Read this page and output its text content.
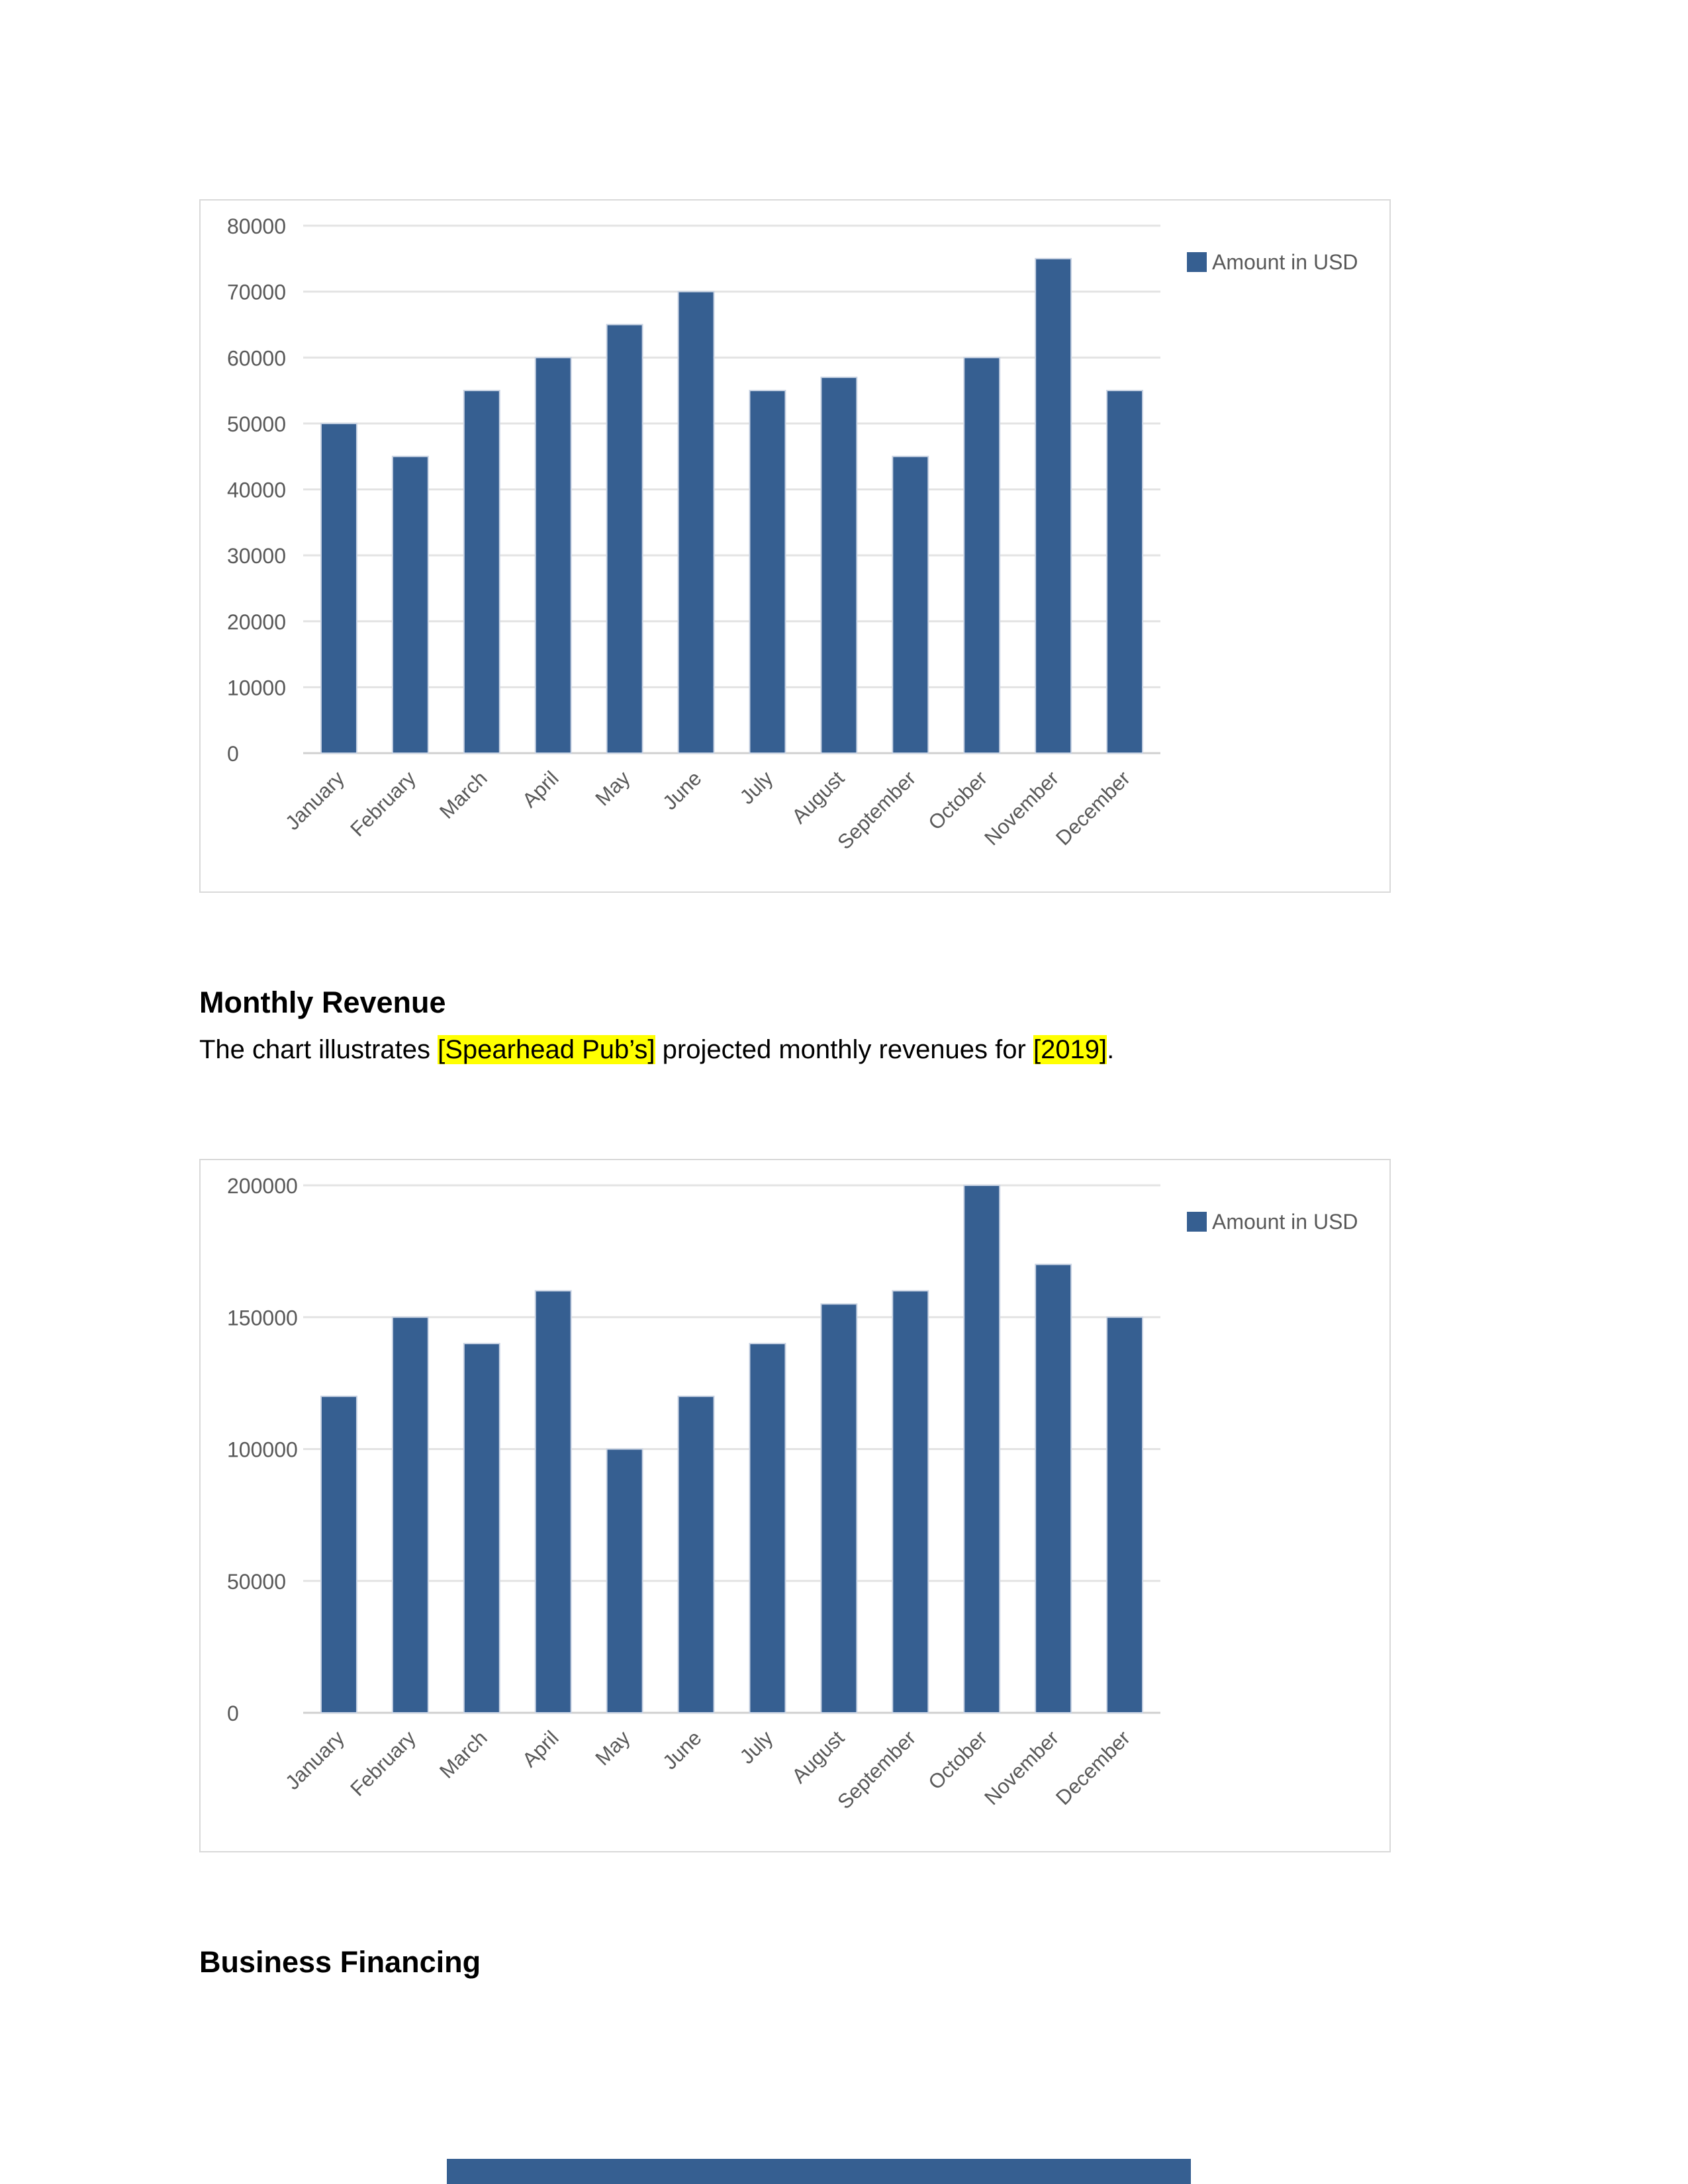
0
10000
20000
30000
40000
50000
60000
70000
80000
January
February March April May June July August
September October
November
December
Amount in USD
Monthly Revenue

The chart illustrates [Spearhead Pub’s] projected monthly revenues for [2019].

0
50000
100000
150000
200000
January
February March April May June July August
September October
November
December
Amount in USD
Business Financing
